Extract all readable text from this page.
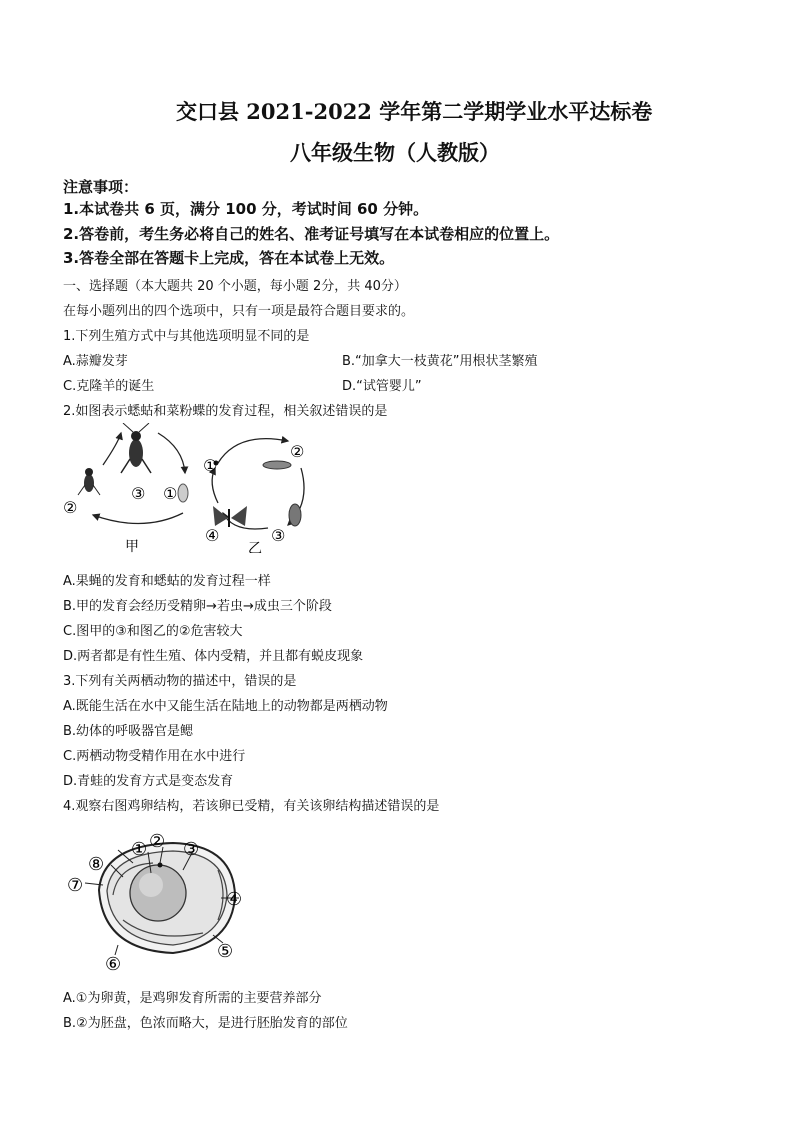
交口县 2021-2022 学年第二学期学业水平达标卷
八年级生物（人教版）
注意事项：
1.本试卷共 6 页，满分 100 分，考试时间 60 分钟。
2.答卷前，考生务必将自己的姓名、准考证号填写在本试卷相应的位置上。
3.答卷全部在答题卡上完成，答在本试卷上无效。
一、选择题（本大题共 20 个小题，每小题 2分，共 40分）
在每小题列出的四个选项中，只有一项是最符合题目要求的。
1.下列生殖方式中与其他选项明显不同的是
A.蒜瓣发芽	B.“加拿大一枝黄花”用根状茎繁殖
C.克隆羊的诞生	D.“试管婴儿”
2.如图表示蟋蛄和菜粉蝶的发育过程，相关叙述错误的是
③ ①
②
甲
①
②
③
④
乙
A.果蝇的发育和蟋蛄的发育过程一样
B.甲的发育会经历受精卵→若虫→成虫三个阶段
C.图甲的③和图乙的②危害较大
D.两者都是有性生殖、体内受精，并且都有蜕皮现象
3.下列有关两栖动物的描述中，错误的是
A.既能生活在水中又能生活在陆地上的动物都是两栖动物
B.幼体的呼吸器官是鳃
C.两栖动物受精作用在水中进行
D.青蛙的发育方式是变态发育
4.观察右图鸡卵结构，若该卵已受精，有关该卵结构描述错误的是
① ② ③
④
⑤
⑥
⑦
⑧
A.①为卵黄，是鸡卵发育所需的主要营养部分
B.②为胚盘，色浓而略大，是进行胚胎发育的部位
